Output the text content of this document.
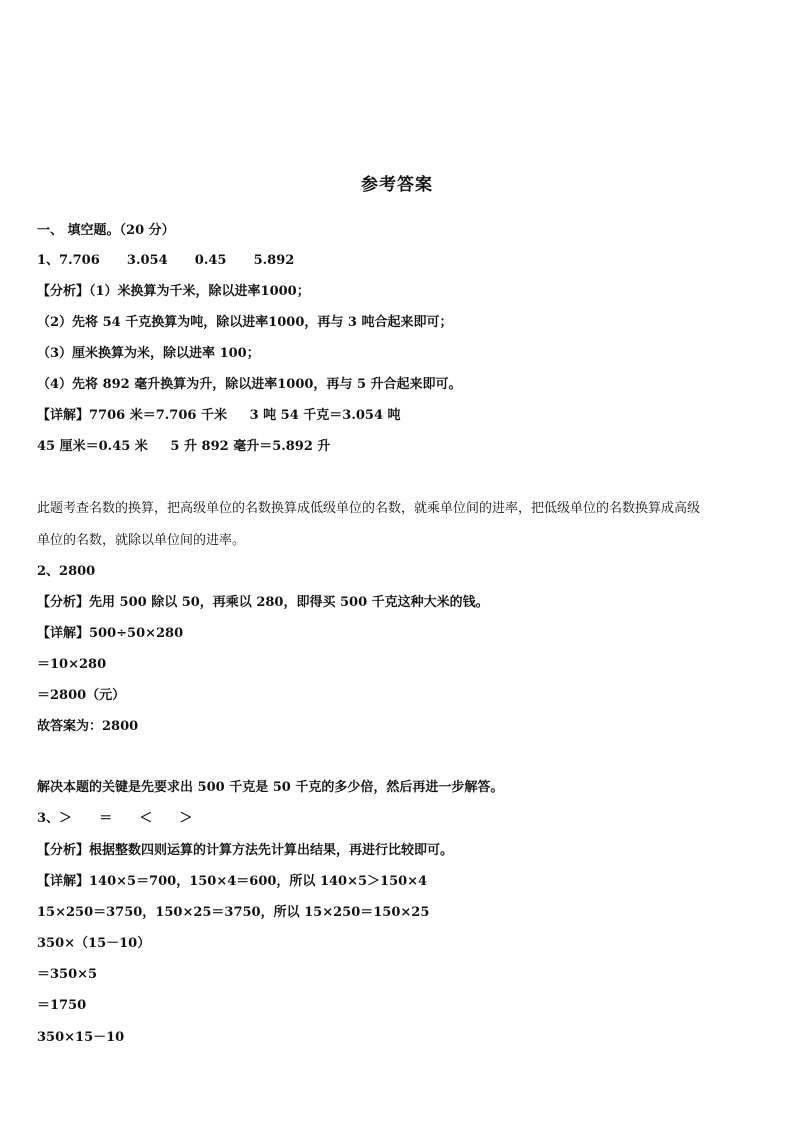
参考答案
一、 填空题。（20 分）
1、7.706      3.054      0.45      5.892
【分析】（1）米换算为千米，除以进率1000；
（2）先将 54 千克换算为吨，除以进率1000，再与 3 吨合起来即可；
（3）厘米换算为米，除以进率 100；
（4）先将 892 毫升换算为升，除以进率1000，再与 5 升合起来即可。
【详解】7706 米＝7.706 千米     3 吨 54 千克＝3.054 吨
45 厘米＝0.45 米     5 升 892 毫升＝5.892 升
此题考查名数的换算，把高级单位的名数换算成低级单位的名数，就乘单位间的进率，把低级单位的名数换算成高级
单位的名数，就除以单位间的进率。
2、2800
【分析】先用 500 除以 50，再乘以 280，即得买 500 千克这种大米的钱。
【详解】500÷50×280
＝10×280
＝2800（元）
故答案为：2800
解决本题的关键是先要求出 500 千克是 50 千克的多少倍，然后再进一步解答。
3、＞      ＝      ＜      ＞
【分析】根据整数四则运算的计算方法先计算出结果，再进行比较即可。
【详解】140×5＝700，150×4＝600，所以 140×5＞150×4
15×250＝3750，150×25＝3750，所以 15×250＝150×25
350×（15－10）
＝350×5
＝1750
350×15－10
